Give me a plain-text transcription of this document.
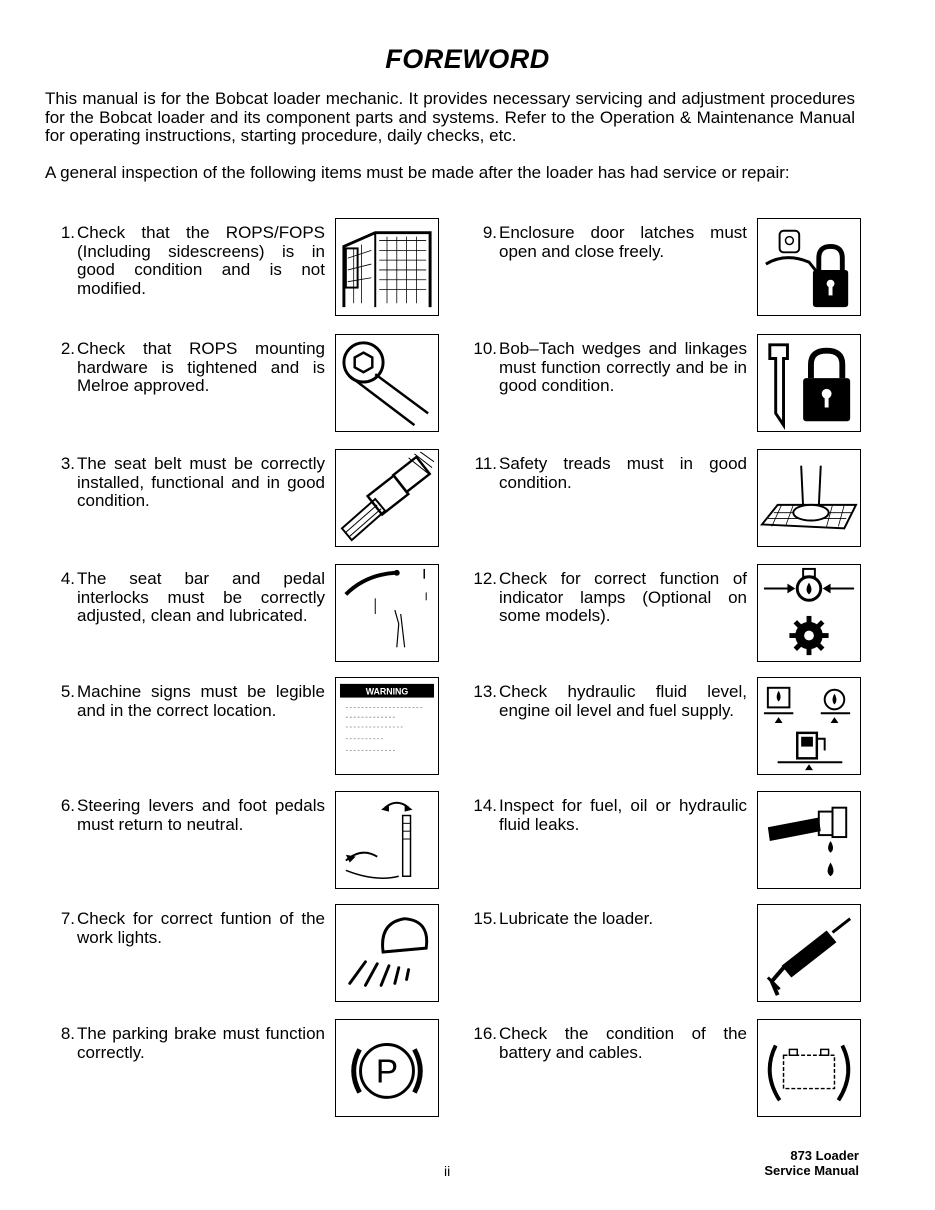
FOREWORD
This manual is for the Bobcat loader mechanic. It provides necessary servicing and adjustment procedures for the Bobcat loader and its component parts and systems. Refer to the Operation & Maintenance Manual for operating instructions, starting procedure, daily checks, etc.
A general inspection of the following items must be made after the loader has had service or repair:
1. Check that the ROPS/FOPS (Including sidescreens) is in good condition and is not modified.
2. Check that ROPS mounting hardware is tightened and is Melroe approved.
3. The seat belt must be correctly installed, functional and in good condition.
4. The seat bar and pedal interlocks must be correctly adjusted, clean and lubricated.
5. Machine signs must be legible and in the correct location.
WARNING
6. Steering levers and foot pedals must return to neutral.
7. Check for correct funtion of the work lights.
8. The parking brake must function correctly.
P
9. Enclosure door latches must open and close freely.
10. Bob–Tach wedges and linkages must function correctly and be in good condition.
11. Safety treads must in good condition.
12. Check for correct function of indicator lamps (Optional on some models).
13. Check hydraulic fluid level, engine oil level and fuel supply.
14. Inspect for fuel, oil or hydraulic fluid leaks.
15. Lubricate the loader.
16. Check the condition of the battery and cables.
873 Loader
Service Manual
ii
